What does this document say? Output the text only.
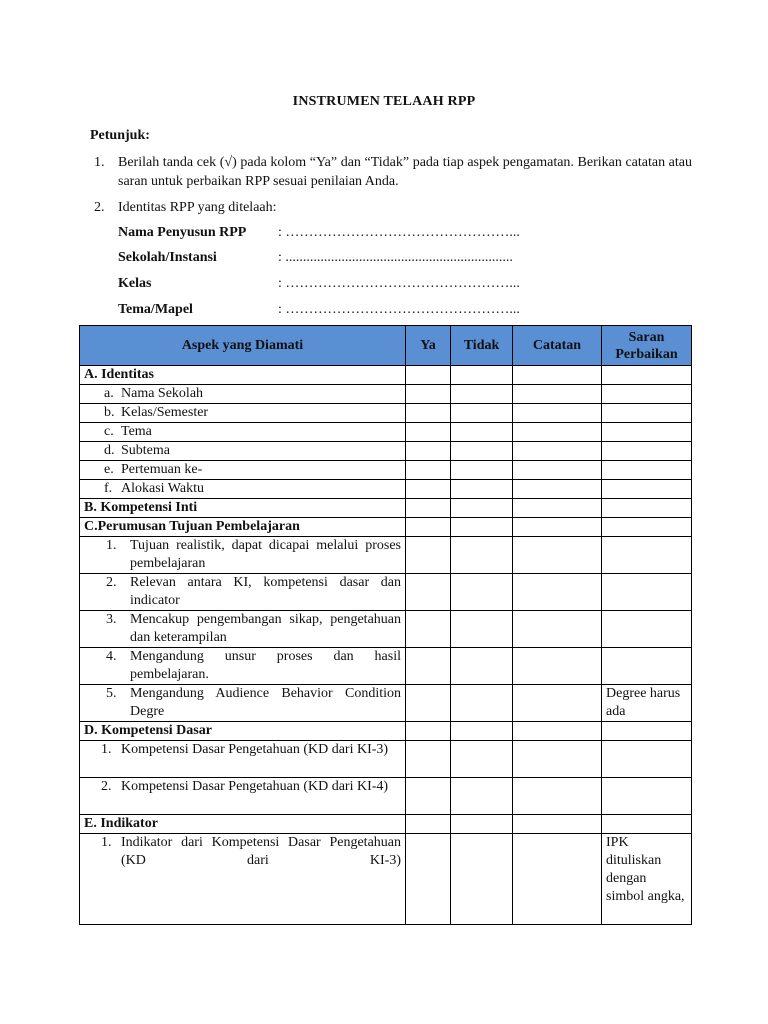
INSTRUMEN TELAAH RPP
Petunjuk:
1. Berilah tanda cek (√) pada kolom “Ya” dan “Tidak” pada tiap aspek pengamatan. Berikan catatan atau saran untuk perbaikan RPP sesuai penilaian Anda.
2. Identitas RPP yang ditelaah:
Nama Penyusun RPP : …………………………………………...
Sekolah/Instansi	: .................................................................
Kelas	: …………………………………………...
Tema/Mapel	: …………………………………………...
Aspek yang Diamati	Ya	Tidak	Catatan	Saran Perbaikan
A. Identitas				

a. Nama Sekolah				

b. Kelas/Semester				

c. Tema				

d. Subtema				

e. Pertemuan ke-				

f. Alokasi Waktu				
B. Kompetensi Inti				
C.Perumusan Tujuan Pembelajaran				

1. Tujuan realistik, dapat dicapai melalui proses pembelajaran				

2. Relevan antara KI, kompetensi dasar dan indicator				

3. Mencakup pengembangan sikap, pengetahuan dan keterampilan				

4. Mengandung unsur proses dan hasil pembelajaran.				

5. Mengandung Audience Behavior Condition Degre				Degree harus ada
D. Kompetensi Dasar				

1. Kompetensi Dasar Pengetahuan (KD dari KI-3)				

2. Kompetensi Dasar Pengetahuan (KD dari KI-4)				
E. Indikator				

1. Indikator dari Kompetensi Dasar Pengetahuan (KD dari KI-3)				IPK dituliskan dengan simbol angka,
